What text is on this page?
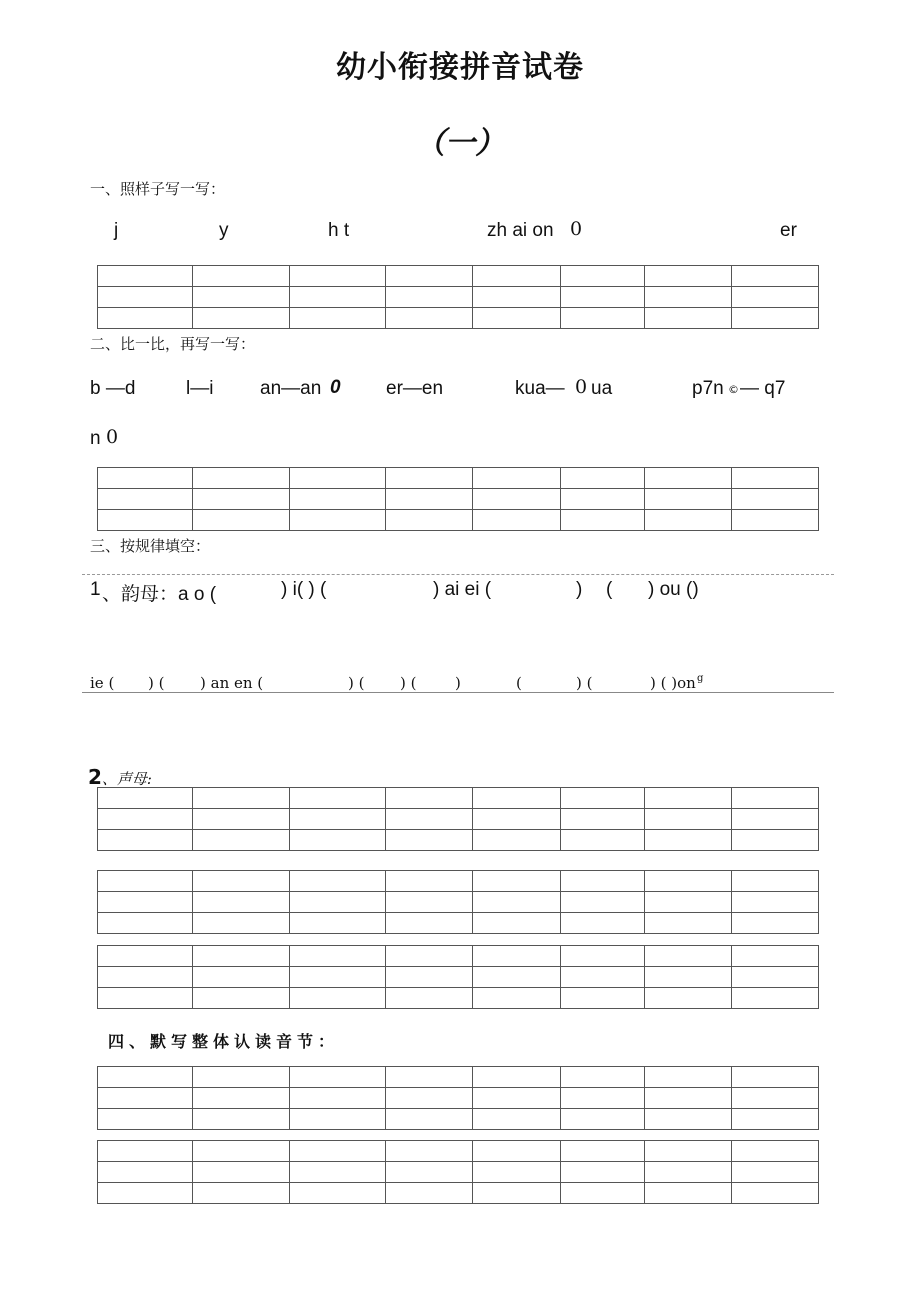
幼小衔接拼音试卷
（一）
一、照样子写一写：
j	y	h t	zh ai on 0	er

二、比一比，再写一写：
b —d	l—i an—an 0 er—en	kua— 0 ua	p7n © — q7
n 0

三、按规律填空：
1 、韵母：a o (	) i( ) (	) ai ei (	) ( ) ou ()
ie ( ) ( ) an en (	) ( ) (	)	(	) (	) ( )on g
2、声母:

四、默写整体认读音节：
